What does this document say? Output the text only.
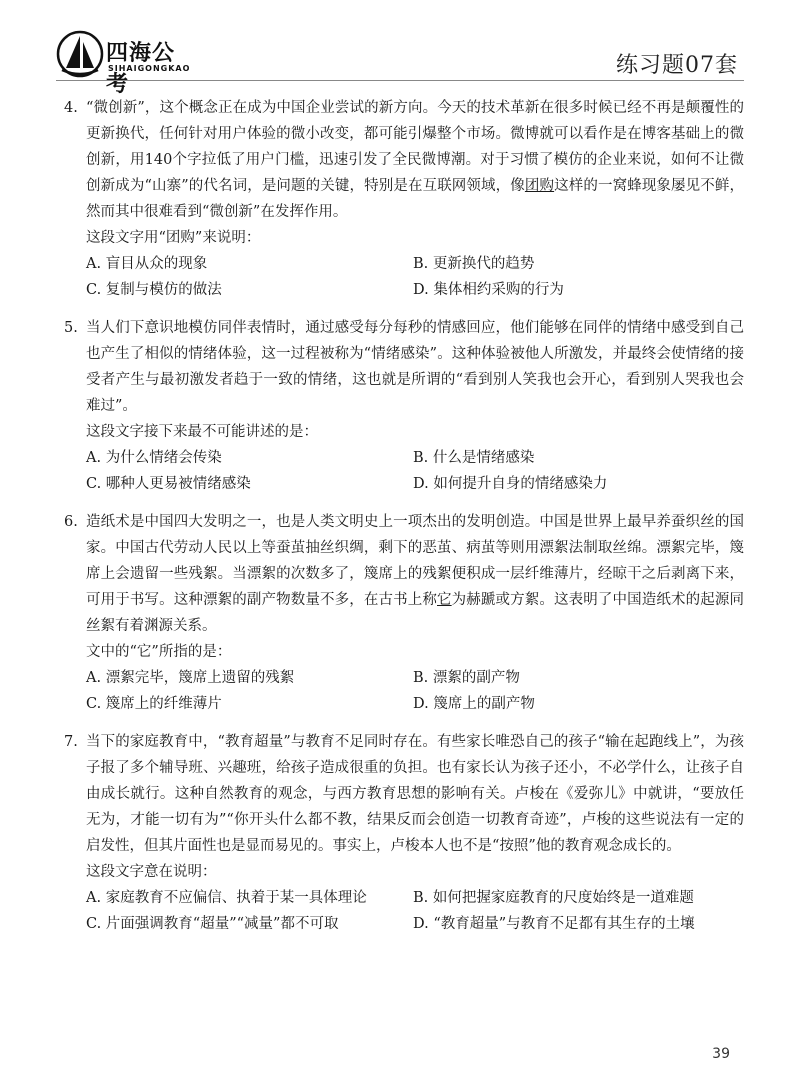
四海公考
SIHAIGONGKAO	练习题07套
4. “微创新”，这个概念正在成为中国企业尝试的新方向。今天的技术革新在很多时候已经不再是颠覆性的更新换代，任何针对用户体验的微小改变，都可能引爆整个市场。微博就可以看作是在博客基础上的微创新，用140个字拉低了用户门槛，迅速引发了全民微博潮。对于习惯了模仿的企业来说，如何不让微创新成为“山寨”的代名词，是问题的关键，特别是在互联网领域，像团购这样的一窝蜂现象屡见不鲜，然而其中很难看到“微创新”在发挥作用。
这段文字用“团购”来说明：
A. 盲目从众的现象	B. 更新换代的趋势
C. 复制与模仿的做法	D. 集体相约采购的行为
5. 当人们下意识地模仿同伴表情时，通过感受每分每秒的情感回应，他们能够在同伴的情绪中感受到自己也产生了相似的情绪体验，这一过程被称为“情绪感染”。这种体验被他人所激发，并最终会使情绪的接受者产生与最初激发者趋于一致的情绪，这也就是所谓的“看到别人笑我也会开心，看到别人哭我也会难过”。
这段文字接下来最不可能讲述的是：
A. 为什么情绪会传染	B. 什么是情绪感染
C. 哪种人更易被情绪感染	D. 如何提升自身的情绪感染力
6. 造纸术是中国四大发明之一，也是人类文明史上一项杰出的发明创造。中国是世界上最早养蚕织丝的国家。中国古代劳动人民以上等蚕茧抽丝织绸，剩下的恶茧、病茧等则用漂絮法制取丝绵。漂絮完毕，篾席上会遗留一些残絮。当漂絮的次数多了，篾席上的残絮便积成一层纤维薄片，经晾干之后剥离下来，可用于书写。这种漂絮的副产物数量不多，在古书上称它为赫蹏或方絮。这表明了中国造纸术的起源同丝絮有着渊源关系。
文中的“它”所指的是：
A. 漂絮完毕，篾席上遗留的残絮	B. 漂絮的副产物
C. 篾席上的纤维薄片	D. 篾席上的副产物
7. 当下的家庭教育中，“教育超量”与教育不足同时存在。有些家长唯恐自己的孩子“输在起跑线上”，为孩子报了多个辅导班、兴趣班，给孩子造成很重的负担。也有家长认为孩子还小，不必学什么，让孩子自由成长就行。这种自然教育的观念，与西方教育思想的影响有关。卢梭在《爱弥儿》中就讲，“要放任无为，才能一切有为”“你开头什么都不教，结果反而会创造一切教育奇迹”，卢梭的这些说法有一定的启发性，但其片面性也是显而易见的。事实上，卢梭本人也不是“按照”他的教育观念成长的。
这段文字意在说明：
A. 家庭教育不应偏信、执着于某一具体理论	B. 如何把握家庭教育的尺度始终是一道难题
C. 片面强调教育“超量”“减量”都不可取	D. “教育超量”与教育不足都有其生存的土壤
39
